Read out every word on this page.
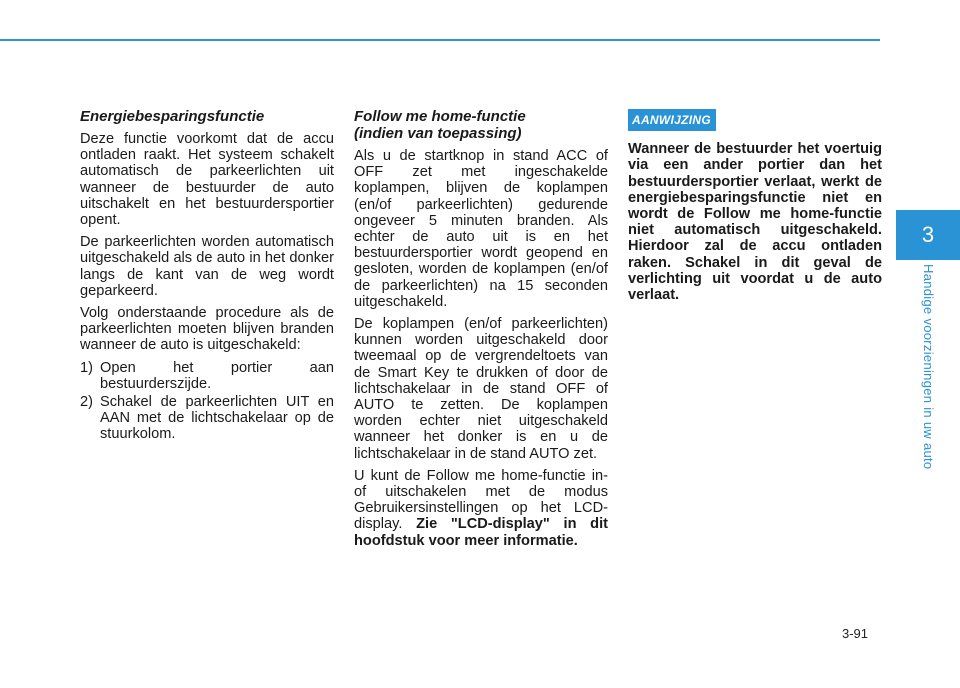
Energiebesparingsfunctie

Deze functie voorkomt dat de accu ontladen raakt. Het systeem schakelt automatisch de parkeerlichten uit wanneer de bestuurder de auto uitschakelt en het bestuurdersportier opent.

De parkeerlichten worden automatisch uitgeschakeld als de auto in het donker langs de kant van de weg wordt geparkeerd.

Volg onderstaande procedure als de parkeerlichten moeten blijven branden wanneer de auto is uitgeschakeld:

1) Open het portier aan bestuurderszijde.
2) Schakel de parkeerlichten UIT en AAN met de lichtschakelaar op de stuurkolom.
Follow me home-functie
(indien van toepassing)

Als u de startknop in stand ACC of OFF zet met ingeschakelde koplampen, blijven de koplampen (en/of parkeerlichten) gedurende ongeveer 5 minuten branden. Als echter de auto uit is en het bestuurdersportier wordt geopend en gesloten, worden de koplampen (en/of de parkeerlichten) na 15 seconden uitgeschakeld.

De koplampen (en/of parkeerlichten) kunnen worden uitgeschakeld door tweemaal op de vergrendeltoets van de Smart Key te drukken of door de lichtschakelaar in de stand OFF of AUTO te zetten. De koplampen worden echter niet uitgeschakeld wanneer het donker is en u de lichtschakelaar in de stand AUTO zet.

U kunt de Follow me home-functie in- of uitschakelen met de modus Gebruikersinstellingen op het LCD-display. Zie "LCD-display" in dit hoofdstuk voor meer informatie.

AANWIJZING

Wanneer de bestuurder het voertuig via een ander portier dan het bestuurdersportier verlaat, werkt de energiebesparingsfunctie niet en wordt de Follow me home-functie niet automatisch uitgeschakeld. Hierdoor zal de accu ontladen raken. Schakel in dit geval de verlichting uit voordat u de auto verlaat.

3
Handige voorzieningen in uw auto
3-91
